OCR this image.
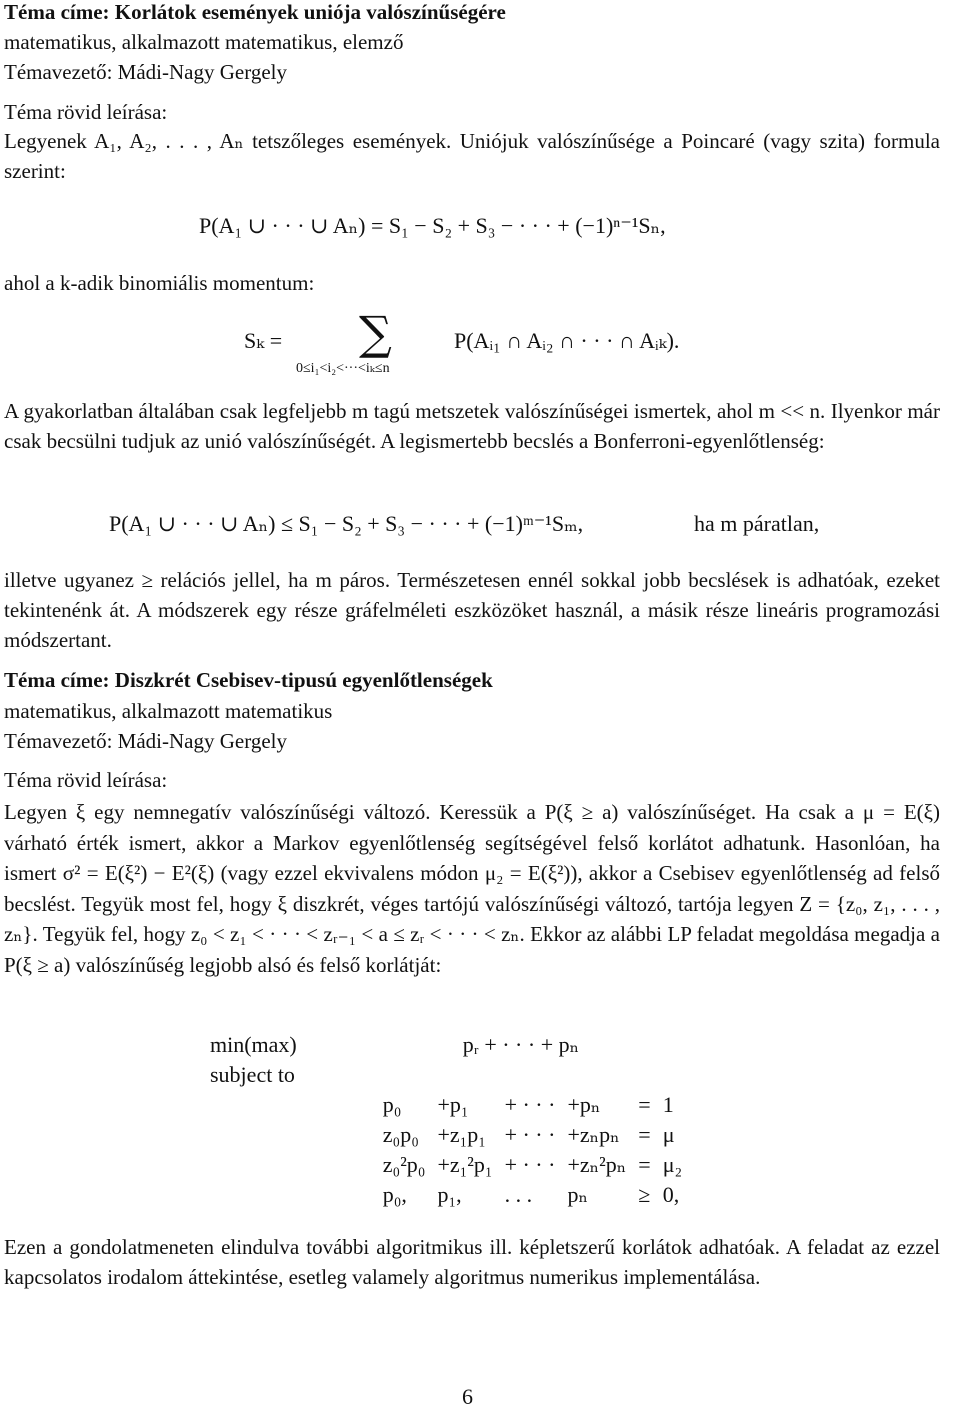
Téma címe: Korlátok események uniója valószínűségére
matematikus, alkalmazott matematikus, elemző
Témavezető: Mádi-Nagy Gergely
Téma rövid leírása:
Legyenek A₁, A₂, . . . , Aₙ tetszőleges események. Uniójuk valószínűsége a Poincaré (vagy szita) formula szerint:
P(A₁ ∪ · · · ∪ Aₙ) = S₁ − S₂ + S₃ − · · · + (−1)ⁿ⁻¹Sₙ,
ahol a k-adik binomiális momentum:
Sₖ = ∑	P(Aᵢ₁ ∩ Aᵢ₂ ∩ · · · ∩ Aᵢₖ).
0≤i₁<i₂<···<iₖ≤n
A gyakorlatban általában csak legfeljebb m tagú metszetek valószínűségei ismertek, ahol m << n. Ilyenkor már csak becsülni tudjuk az unió valószínűségét. A legismertebb becslés a Bonferroni-egyenlőtlenség:
P(A₁ ∪ · · · ∪ Aₙ) ≤ S₁ − S₂ + S₃ − · · · + (−1)ᵐ⁻¹Sₘ,	ha m páratlan,
illetve ugyanez ≥ relációs jellel, ha m páros. Természetesen ennél sokkal jobb becslések is adhatóak, ezeket tekintenénk át. A módszerek egy része gráfelméleti eszközöket használ, a másik része lineáris programozási módszertant.
Téma címe: Diszkrét Csebisev-tipusú egyenlőtlenségek
matematikus, alkalmazott matematikus
Témavezető: Mádi-Nagy Gergely
Téma rövid leírása:
Legyen ξ egy nemnegatív valószínűségi változó. Keressük a P(ξ ≥ a) valószínűséget. Ha csak a μ = E(ξ) várható érték ismert, akkor a Markov egyenlőtlenség segítségével felső korlátot adhatunk. Hasonlóan, ha ismert σ² = E(ξ²) − E²(ξ) (vagy ezzel ekvivalens módon μ₂ = E(ξ²)), akkor a Csebisev egyenlőtlenség ad felső becslést. Tegyük most fel, hogy ξ diszkrét, véges tartójú valószínűségi változó, tartója legyen Z = {z₀, z₁, . . . , zₙ}. Tegyük fel, hogy z₀ < z₁ < · · · < zᵣ₋₁ < a ≤ zᵣ < · · · < zₙ. Ekkor az alábbi LP feladat megoldása megadja a P(ξ ≥ a) valószínűség legjobb alsó és felső korlátját:
min(max)	pᵣ + · · · + pₙ					
subject to						
	p₀	+p₁	+ · · ·	+pₙ	=	1
	z₀p₀	+z₁p₁	+ · · ·	+zₙpₙ	=	μ
	z₀²p₀	+z₁²p₁	+ · · ·	+zₙ²pₙ	=	μ₂
	p₀,	p₁,	. . .	pₙ	≥	0,
Ezen a gondolatmeneten elindulva további algoritmikus ill. képletszerű korlátok adhatóak. A feladat az ezzel kapcsolatos irodalom áttekintése, esetleg valamely algoritmus numerikus implementálása.
6
